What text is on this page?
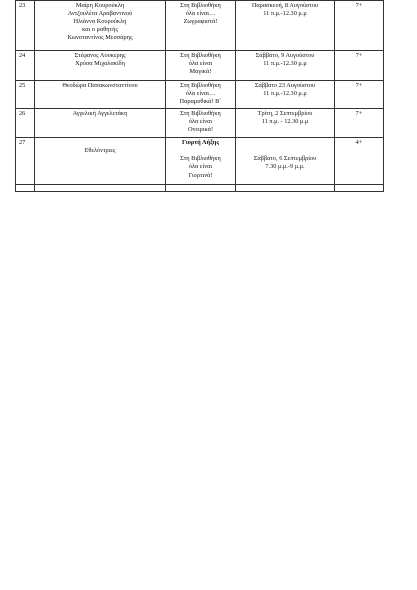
23	Μαίρη Κουρούκλη
Αντζουλέτα Αραβαντινού
Ηλιάννα Κουρούκλη
και ο μαθητής
Κωνσταντίνος Μεσσάρης	Στη Βιβλιοθήκη
όλα είναι…
Ζωγραφιστά!	Παρασκευή, 8 Αυγούστου
11 π.μ.-12.30 μ.μ	7+
24	Στέφανος Λουκερης
Χρύσα Μιχαλακίδη	Στη Βιβλιοθήκη
όλα είναι
Μαγικά!	Σάββατο, 9 Αυγούστου
11 π.μ.-12.30 μ.μ	7+
25	Θεοδώρα Παπακωνσταντίνου	Στη Βιβλιοθήκη
όλα είναι…
Παραμυθικά! Β΄	Σάββατο 23 Αυγούστου
11 π.μ.-12.30 μ.μ	7+
26	Αγγελική Αγγελετάκη	Στη Βιβλιοθήκη
όλα είναι
Ονειρικά!	Τρίτη, 2 Σεπτεμβρίου
11 π.μ. - 12.30 μ.μ	7+
27	Εθελόντριες	Γιορτή Λήξης
Στη Βιβλιοθήκη
όλα είναι
Γιορτινά!	Σάββατο, 6 Σεπτεμβρίου
7.30 μ.μ.-9 μ.μ.	4+
